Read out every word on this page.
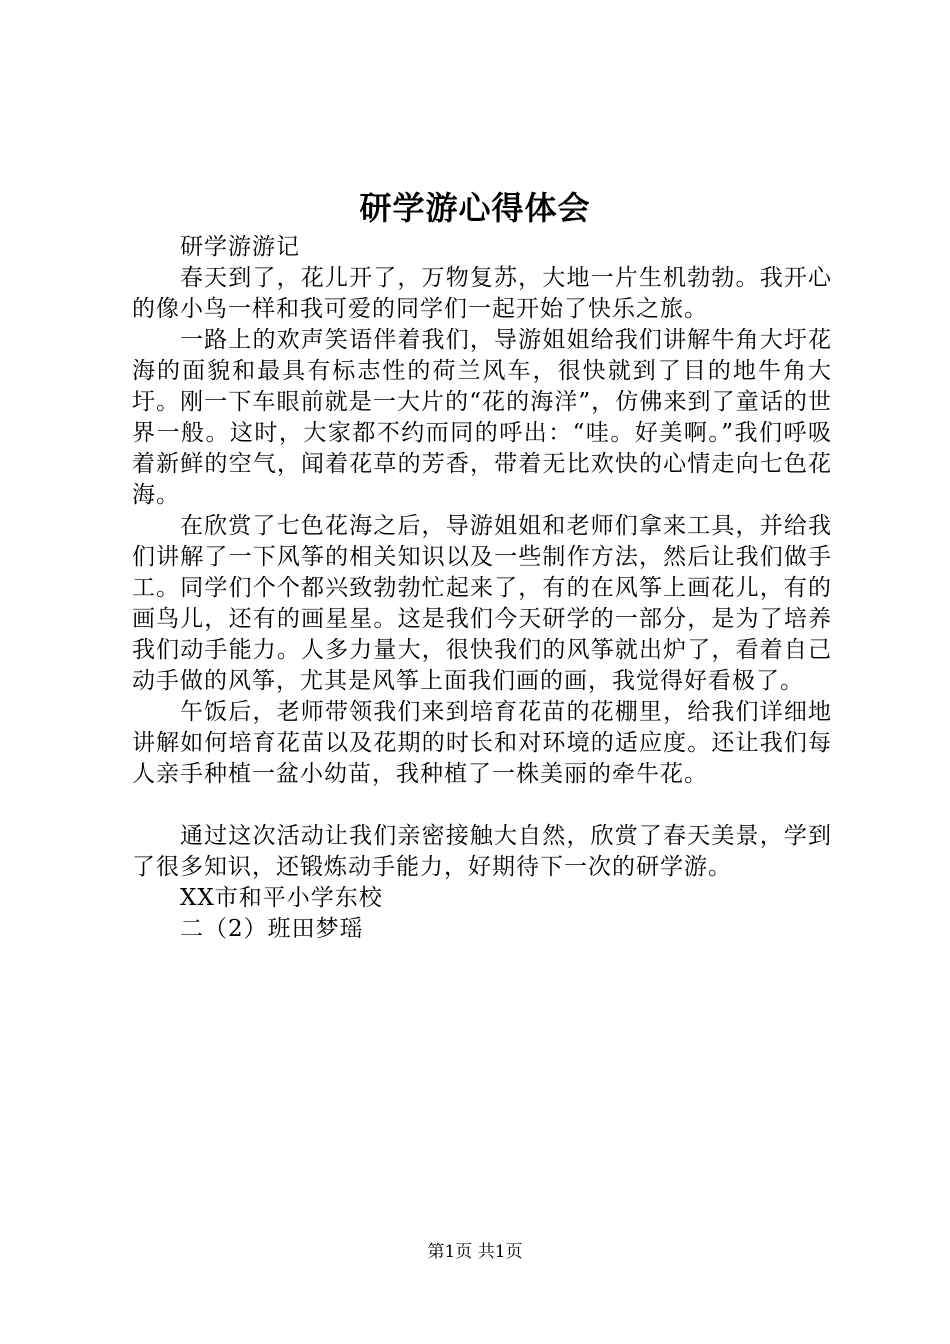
研学游心得体会

研学游游记

春天到了，花儿开了，万物复苏，大地一片生机勃勃。我开心的像小鸟一样和我可爱的同学们一起开始了快乐之旅。

一路上的欢声笑语伴着我们，导游姐姐给我们讲解牛角大圩花海的面貌和最具有标志性的荷兰风车，很快就到了目的地牛角大圩。刚一下车眼前就是一大片的“花的海洋”，仿佛来到了童话的世界一般。这时，大家都不约而同的呼出：“哇。好美啊。”我们呼吸着新鲜的空气，闻着花草的芳香，带着无比欢快的心情走向七色花海。

在欣赏了七色花海之后，导游姐姐和老师们拿来工具，并给我们讲解了一下风筝的相关知识以及一些制作方法，然后让我们做手工。同学们个个都兴致勃勃忙起来了，有的在风筝上画花儿，有的画鸟儿，还有的画星星。这是我们今天研学的一部分，是为了培养我们动手能力。人多力量大，很快我们的风筝就出炉了，看着自己动手做的风筝，尤其是风筝上面我们画的画，我觉得好看极了。

午饭后，老师带领我们来到培育花苗的花棚里，给我们详细地讲解如何培育花苗以及花期的时长和对环境的适应度。还让我们每人亲手种植一盆小幼苗，我种植了一株美丽的牵牛花。

通过这次活动让我们亲密接触大自然，欣赏了春天美景，学到了很多知识，还锻炼动手能力，好期待下一次的研学游。

XX市和平小学东校

二（2）班田梦瑶

第1页 共1页
